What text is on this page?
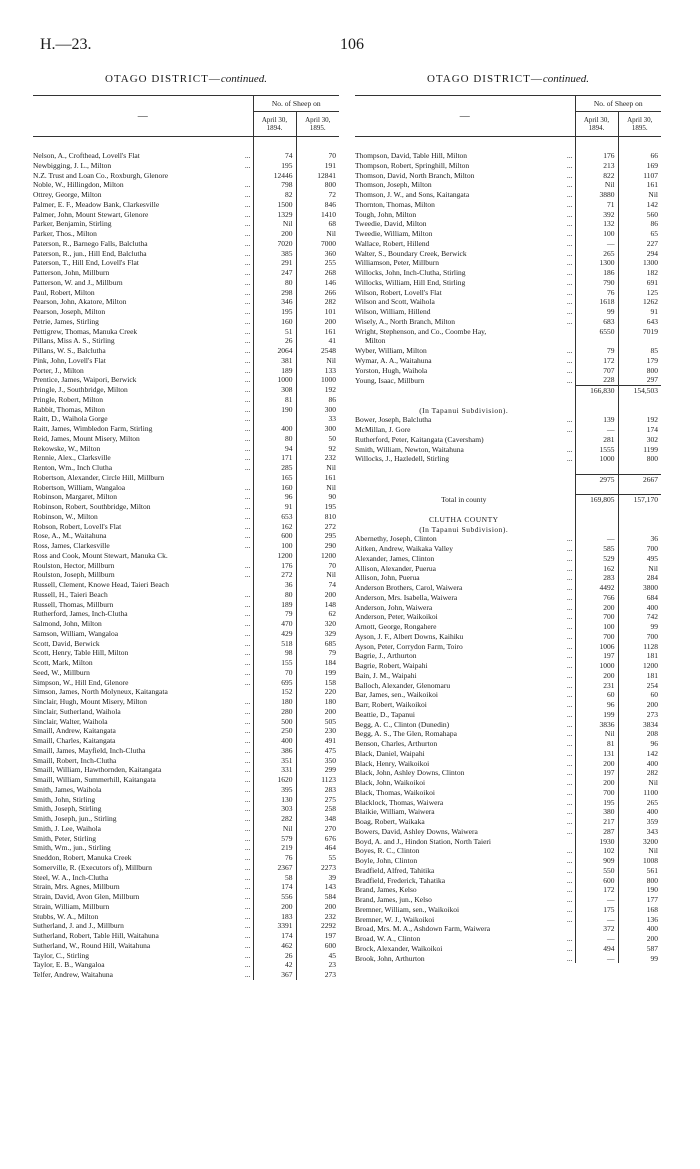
H.—23.	106
OTAGO DISTRICT—continued.
—	No. of Sheep on	
	April 30,
1894.	April 30,
1895.
Nelson, A., Crofthead, Lovell's Flat ...	74	70
Newbigging, J. L., Milton ...	195	191
N.Z. Trust and Loan Co., Roxburgh, Glenore	12446	12841
Noble, W., Hillingdon, Milton ...	798	800
Ottrey, George, Milton ...	82	72
Palmer, E. F., Meadow Bank, Clarkesville ...	1500	846
Palmer, John, Mount Stewart, Glenore ...	1329	1410
Parker, Benjamin, Stirling ...	Nil	68
Parker, Thos., Milton ...	200	Nil
Paterson, R., Barnego Falls, Balclutha ...	7020	7000
Paterson, R., jun., Hill End, Balclutha ...	385	360
Paterson, T., Hill End, Lovell's Flat ...	291	255
Patterson, John, Millburn ...	247	268
Patterson, W. and J., Millburn ...	80	146
Paul, Robert, Milton ...	298	266
Pearson, John, Akatore, Milton ...	346	282
Pearson, Joseph, Milton ...	195	101
Petrie, James, Stirling ...	160	200
Pettigrew, Thomas, Manuka Creek ...	51	161
Pillans, Miss A. S., Stirling ...	26	41
Pillans, W. S., Balclutha ...	2064	2548
Pink, John, Lovell's Flat ...	381	Nil
Porter, J., Milton ...	189	133
Prentice, James, Waipori, Berwick ...	1000	1000
Pringle, J., Southbridge, Milton ...	308	192
Pringle, Robert, Milton ...	81	86
Rabbit, Thomas, Milton ...	190	300
Raitt, D., Waihola Gorge ...		33
Raitt, James, Wimbledon Farm, Stirling ...	400	300
Reid, James, Mount Misery, Milton ...	80	50
Rekowske, W., Milton ...	94	92
Rennie, Alex., Clarksville ...	171	232
Renton, Wm., Inch Clutha ...	285	Nil
Robertson, Alexander, Circle Hill, Millburn	165	161
Robertson, William, Wangaloa ...	160	Nil
Robinson, Margaret, Milton ...	96	90
Robinson, Robert, Southbridge, Milton ...	91	195
Robinson, W., Milton ...	653	810
Robson, Robert, Lovell's Flat ...	162	272
Rose, A., M., Waitahuna ...	600	295
Ross, James, Clarkesville ...	100	290
Ross and Cook, Mount Stewart, Manuka Ck.	1200	1200
Roulston, Hector, Millburn ...	176	70
Roulston, Joseph, Millburn ...	272	Nil
Russell, Clement, Knowe Head, Taieri Beach	36	74
Russell, H., Taieri Beach ...	80	200
Russell, Thomas, Millburn ...	189	148
Rutherford, James, Inch-Clutha ...	79	62
Salmond, John, Milton ...	470	320
Samson, William, Wangaloa ...	429	329
Scott, David, Berwick ...	518	685
Scott, Henry, Table Hill, Milton ...	98	79
Scott, Mark, Milton ...	155	184
Seed, W., Millburn ...	70	199
Simpson, W., Hill End, Glenore ...	695	158
Simson, James, North Molyneux, Kaitangata	152	220
Sinclair, Hugh, Mount Misery, Milton ...	180	180
Sinclair, Sutherland, Waihola ...	280	200
Sinclair, Walter, Waihola ...	500	505
Smaill, Andrew, Kaitangata ...	250	230
Smaill, Charles, Kaitangata ...	400	491
Smaill, James, Mayfield, Inch-Clutha ...	386	475
Smaill, Robert, Inch-Clutha ...	351	350
Smaill, William, Hawthornden, Kaitangata ...	331	299
Smaill, William, Summerhill, Kaitangata ...	1620	1123
Smith, James, Waihola ...	395	283
Smith, John, Stirling ...	130	275
Smith, Joseph, Stirling ...	303	258
Smith, Joseph, jun., Stirling ...	282	348
Smith, J. Lee, Waihola ...	Nil	270
Smith, Peter, Stirling ...	579	676
Smith, Wm., jun., Stirling ...	219	464
Sneddon, Robert, Manuka Creek ...	76	55
Somerville, R. (Executors of), Millburn ...	2367	2273
Steel, W. A., Inch-Clutha ...	58	39
Strain, Mrs. Agnes, Millburn ...	174	143
Strain, David, Avon Glen, Millburn ...	556	584
Strain, William, Millburn ...	200	200
Stubbs, W. A., Milton ...	183	232
Sutherland, J. and J., Millburn ...	3391	2292
Sutherland, Robert, Table Hill, Waitahuna ...	174	197
Sutherland, W., Round Hill, Waitahuna ...	462	600
Taylor, C., Stirling ...	26	45
Taylor, E. B., Wangaloa ...	42	23
Telfer, Andrew, Waitahuna ...	367	273
OTAGO DISTRICT—continued.
—	No. of Sheep on	
	April 30,
1894.	April 30,
1895.
Thompson, David, Table Hill, Milton ...	176	66
Thompson, Robert, Springhill, Milton ...	213	169
Thomson, David, North Branch, Milton ...	822	1107
Thomson, Joseph, Milton ...	Nil	161
Thomson, J. W., and Sons, Kaitangata ...	3880	Nil
Thornton, Thomas, Milton ...	71	142
Tough, John, Milton ...	392	560
Tweedie, David, Milton ...	132	86
Tweedie, William, Milton ...	100	65
Wallace, Robert, Hillend ...	—	227
Walter, S., Boundary Creek, Berwick ...	265	294
Williamson, Peter, Millburn ...	1300	1300
Willocks, John, Inch-Clutha, Stirling ...	186	182
Willocks, William, Hill End, Stirling ...	790	691
Wilson, Robert, Lovell's Flat ...	76	125
Wilson and Scott, Waihola ...	1618	1262
Wilson, William, Hillend ...	99	91
Wisely, A., North Branch, Milton ...	683	643
Wright, Stephenson, and Co., Coombe Hay,	6550	7019
Milton		
Wyber, William, Milton ...	79	85
Wymar, A. A., Waitahuna ...	172	179
Yorston, Hugh, Waihola ...	707	800
Young, Isaac, Millburn ...	228	297
	166,830	154,503

(In Tapanui Subdivision).		
Bower, Joseph, Balclutha ...	139	192
McMillan, J. Gore ...	—	174
Rutherford, Peter, Kaitangata (Caversham)	281	302
Smith, William, Newton, Waitahuna ...	1555	1199
Willocks, J., Hazledell, Stirling ...	1000	800

	2975	2667

Total in county	169,805	157,170

CLUTHA COUNTY		
(In Tapanui Subdivision).		
Abernethy, Joseph, Clinton ...	—	36
Aitken, Andrew, Waikaka Valley ...	585	700
Alexander, James, Clinton ...	529	495
Allison, Alexander, Puerua ...	162	Nil
Allison, John, Puerua ...	283	284
Anderson Brothers, Carol, Waiwera ...	4492	3800
Anderson, Mrs. Isabella, Waiwera ...	766	684
Anderson, John, Waiwera ...	200	400
Anderson, Peter, Waikoikoi ...	700	742
Arnott, George, Rongahere ...	100	99
Ayson, J. F., Albert Downs, Kaihiku ...	700	700
Ayson, Peter, Corrydon Farm, Toiro ...	1006	1128
Bagrie, J., Arthurton ...	197	181
Bagrie, Robert, Waipahi ...	1000	1200
Bain, J. M., Waipahi ...	200	181
Balloch, Alexander, Glenomaru ...	231	254
Bar, James, sen., Waikoikoi ...	60	60
Barr, Robert, Waikoikoi ...	96	200
Beattie, D., Tapanui ...	199	273
Begg, A. C., Clinton (Dunedin) ...	3836	3834
Begg, A. S., The Glen, Romahapa ...	Nil	208
Benson, Charles, Arthurton ...	81	96
Black, Daniel, Waipahi ...	131	142
Black, Henry, Waikoikoi ...	200	400
Black, John, Ashley Downs, Clinton ...	197	282
Black, John, Waikoikoi ...	200	Nil
Black, Thomas, Waikoikoi ...	700	1100
Blacklock, Thomas, Waiwera ...	195	265
Blaikie, William, Waiwera ...	380	400
Boag, Robert, Waikaka ...	217	359
Bowers, David, Ashley Downs, Waiwera ...	287	343
Boyd, A. and J., Hindon Station, North Taieri	1930	3200
Boyes, R. C., Clinton ...	102	Nil
Boyle, John, Clinton ...	909	1008
Bradfield, Alfred, Tahitika ...	550	561
Bradfield, Frederick, Tahatika ...	600	800
Brand, James, Kelso ...	172	190
Brand, James, jun., Kelso ...	—	177
Bremner, William, sen., Waikoikoi ...	175	168
Bremner, W. J., Waikoikoi ...	—	136
Broad, Mrs. M. A., Ashdown Farm, Waiwera	372	400
Broad, W. A., Clinton ...	—	200
Brock, Alexander, Waikoikoi ...	494	587
Brook, John, Arthurton ...	—	99
